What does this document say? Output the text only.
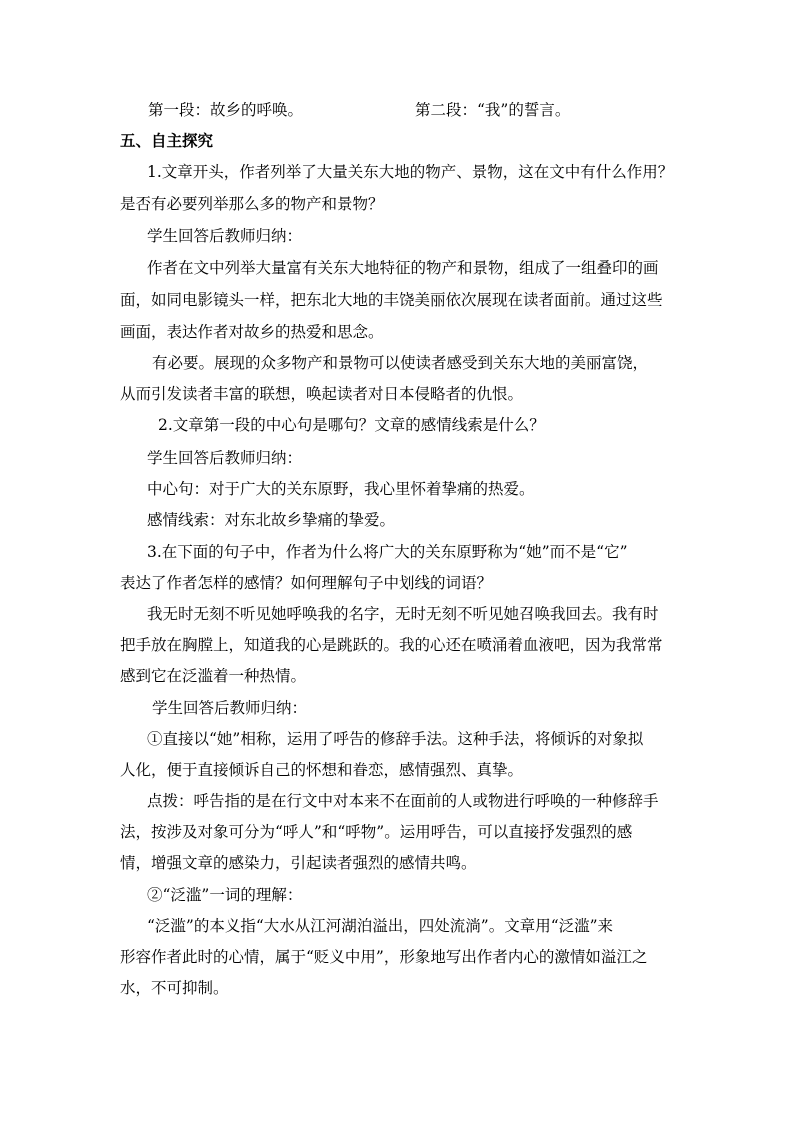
第一段：故乡的呼唤。	第二段：“我”的誓言。
五、自主探究
1.文章开头，作者列举了大量关东大地的物产、景物，这在文中有什么作用？
是否有必要列举那么多的物产和景物？
学生回答后教师归纳：
作者在文中列举大量富有关东大地特征的物产和景物，组成了一组叠印的画
面，如同电影镜头一样，把东北大地的丰饶美丽依次展现在读者面前。通过这些
画面，表达作者对故乡的热爱和思念。
有必要。展现的众多物产和景物可以使读者感受到关东大地的美丽富饶，
从而引发读者丰富的联想，唤起读者对日本侵略者的仇恨。
2.文章第一段的中心句是哪句？文章的感情线索是什么？
学生回答后教师归纳：
中心句：对于广大的关东原野，我心里怀着挚痛的热爱。
感情线索：对东北故乡挚痛的挚爱。
3.在下面的句子中，作者为什么将广大的关东原野称为“她”而不是“它”
表达了作者怎样的感情？如何理解句子中划线的词语？
我无时无刻不听见她呼唤我的名字，无时无刻不听见她召唤我回去。我有时
把手放在胸膛上，知道我的心是跳跃的。我的心还在喷涌着血液吧，因为我常常
感到它在泛滥着一种热情。
学生回答后教师归纳：
①直接以“她”相称，运用了呼告的修辞手法。这种手法，将倾诉的对象拟
人化，便于直接倾诉自己的怀想和眷恋，感情强烈、真挚。
点拨：呼告指的是在行文中对本来不在面前的人或物进行呼唤的一种修辞手
法，按涉及对象可分为“呼人”和“呼物”。运用呼告，可以直接抒发强烈的感
情，增强文章的感染力，引起读者强烈的感情共鸣。
②“泛滥”一词的理解：
“泛滥”的本义指“大水从江河湖泊溢出，四处流淌”。文章用“泛滥”来
形容作者此时的心情，属于“贬义中用”，形象地写出作者内心的激情如溢江之
水，不可抑制。
